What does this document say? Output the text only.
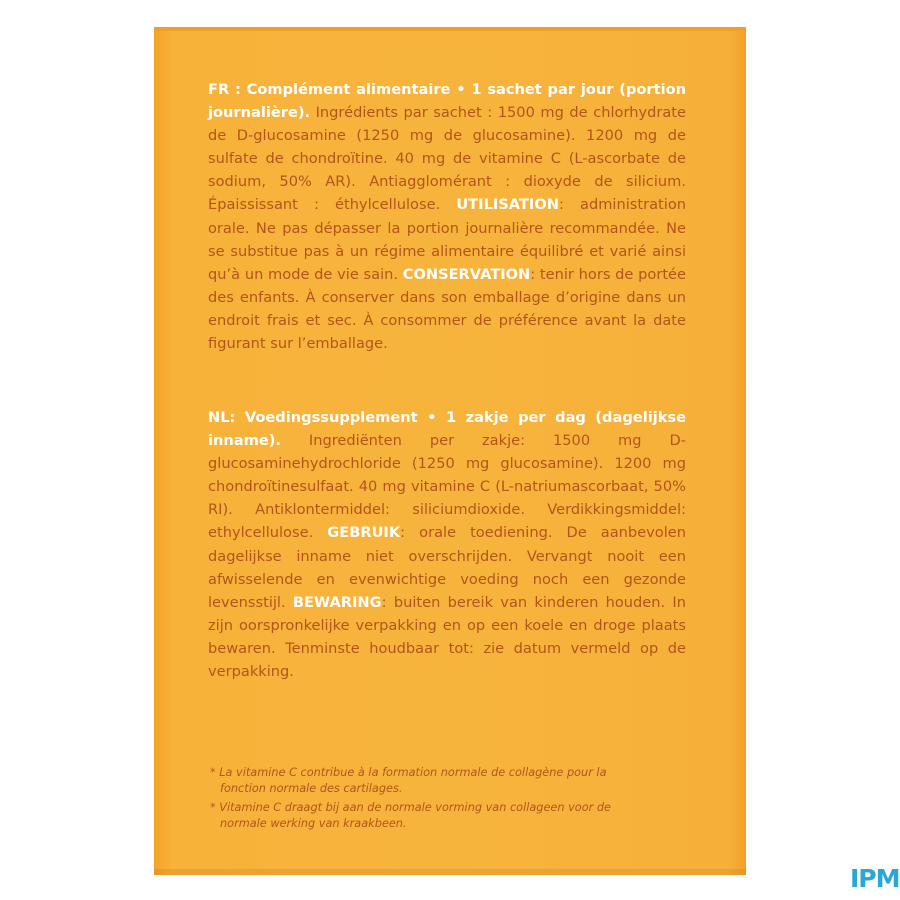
FR : Complément alimentaire • 1 sachet par jour (portion journalière). Ingrédients par sachet : 1500 mg de chlorhydrate de D-glucosamine (1250 mg de glucosamine). 1200 mg de sulfate de chondroïtine. 40 mg de vitamine C (L-ascorbate de sodium, 50% AR). Antiagglomérant : dioxyde de silicium. Épaississant : éthylcellulose. UTILISATION: administration orale. Ne pas dépasser la portion journalière recommandée. Ne se substitue pas à un régime alimentaire équilibré et varié ainsi qu’à un mode de vie sain. CONSERVATION: tenir hors de portée des enfants. À conserver dans son emballage d’origine dans un endroit frais et sec. À consommer de préférence avant la date figurant sur l’emballage.
NL: Voedingssupplement • 1 zakje per dag (dagelijkse inname). Ingrediënten per zakje: 1500 mg D-glucosaminehydrochloride (1250 mg glucosamine). 1200 mg chondroïtinesulfaat. 40 mg vitamine C (L-natriumascorbaat, 50% RI). Antiklontermiddel: siliciumdioxide. Verdikkingsmiddel: ethylcellulose. GEBRUIK: orale toediening. De aanbevolen dagelijkse inname niet overschrijden. Vervangt nooit een afwisselende en evenwichtige voeding noch een gezonde levensstijl. BEWARING: buiten bereik van kinderen houden. In zijn oorspronkelijke verpakking en op een koele en droge plaats bewaren. Tenminste houdbaar tot: zie datum vermeld op de verpakking.
* La vitamine C contribue à la formation normale de collagène pour la
fonction normale des cartilages.
* Vitamine C draagt bij aan de normale vorming van collageen voor de
normale werking van kraakbeen.
IPM
